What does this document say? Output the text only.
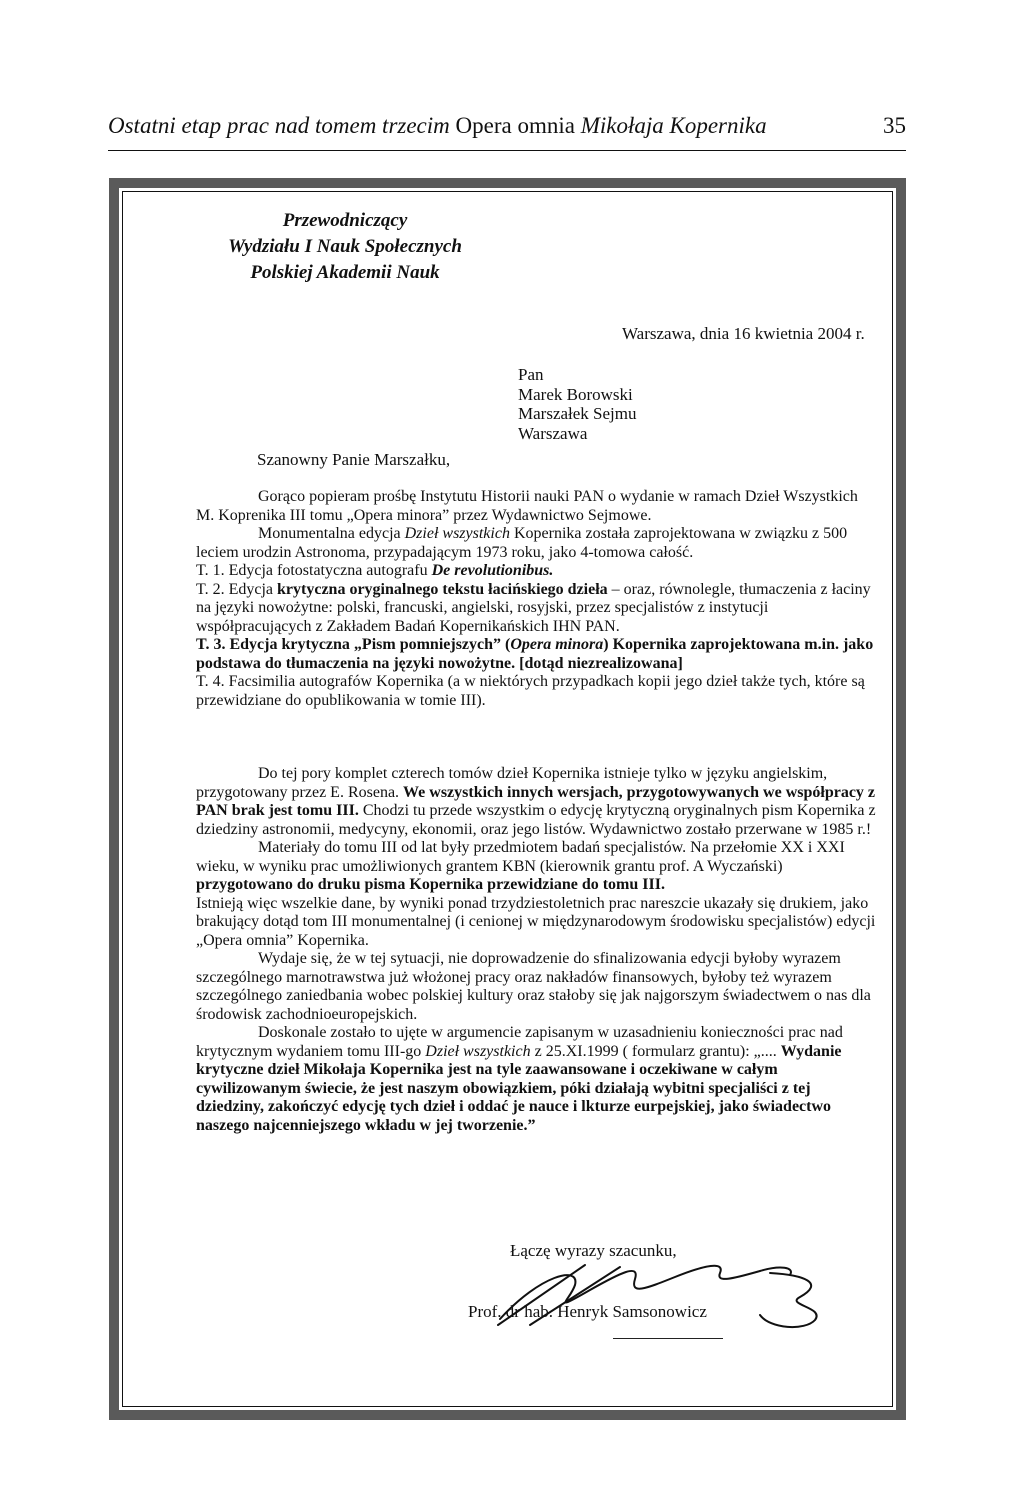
Ostatni etap prac nad tomem trzecim Opera omnia Mikołaja Kopernika	35
Przewodniczący
Wydziału I Nauk Społecznych
Polskiej Akademii Nauk
Warszawa, dnia 16 kwietnia 2004 r.
Pan
Marek Borowski
Marszałek Sejmu
Warszawa
Szanowny Panie Marszałku,

Gorąco popieram prośbę Instytutu Historii nauki PAN o wydanie w ramach Dzieł Wszystkich M. Koprenika III tomu „Opera minora” przez Wydawnictwo Sejmowe.

Monumentalna edycja Dzieł wszystkich Kopernika została zaprojektowana w związku z 500 leciem urodzin Astronoma, przypadającym 1973 roku, jako 4-tomowa całość.

T. 1. Edycja fotostatyczna autografu De revolutionibus.

T. 2. Edycja krytyczna oryginalnego tekstu łacińskiego dzieła – oraz, równolegle, tłumaczenia z łaciny na języki nowożytne: polski, francuski, angielski, rosyjski, przez specjalistów z instytucji współpracujących z Zakładem Badań Kopernikańskich IHN PAN.

T. 3. Edycja krytyczna „Pism pomniejszych” (Opera minora) Kopernika zaprojektowana m.in. jako podstawa do tłumaczenia na języki nowożytne. [dotąd niezrealizowana]

T. 4. Facsimilia autografów Kopernika (a w niektórych przypadkach kopii jego dzieł także tych, które są przewidziane do opublikowania w tomie III).

Do tej pory komplet czterech tomów dzieł Kopernika istnieje tylko w języku angielskim, przygotowany przez E. Rosena. We wszystkich innych wersjach, przygotowywanych we współpracy z PAN brak jest tomu III. Chodzi tu przede wszystkim o edycję krytyczną oryginalnych pism Kopernika z dziedziny astronomii, medycyny, ekonomii, oraz jego listów. Wydawnictwo zostało przerwane w 1985 r.!

Materiały do tomu III od lat były przedmiotem badań specjalistów. Na przełomie XX i XXI wieku, w wyniku prac umożliwionych grantem KBN (kierownik grantu prof. A Wyczański) przygotowano do druku pisma Kopernika przewidziane do tomu III.

Istnieją więc wszelkie dane, by wyniki ponad trzydziestoletnich prac nareszcie ukazały się drukiem, jako brakujący dotąd tom III monumentalnej (i cenionej w międzynarodowym środowisku specjalistów) edycji „Opera omnia” Kopernika.

Wydaje się, że w tej sytuacji, nie doprowadzenie do sfinalizowania edycji byłoby wyrazem szczególnego marnotrawstwa już włożonej pracy oraz nakładów finansowych, byłoby też wyrazem szczególnego zaniedbania wobec polskiej kultury oraz stałoby się jak najgorszym świadectwem o nas dla środowisk zachodnioeuropejskich.

Doskonale zostało to ujęte w argumencie zapisanym w uzasadnieniu konieczności prac nad krytycznym wydaniem tomu III-go Dzieł wszystkich z 25.XI.1999 ( formularz grantu): „.... Wydanie krytyczne dzieł Mikołaja Kopernika jest na tyle zaawansowane i oczekiwane w całym cywilizowanym świecie, że jest naszym obowiązkiem, póki działają wybitni specjaliści z tej dziedziny, zakończyć edycję tych dzieł i oddać je nauce i lkturze eurpejskiej, jako świadectwo naszego najcenniejszego wkładu w jej tworzenie.”

Łączę wyrazy szacunku,
Prof. dr hab. Henryk Samsonowicz
